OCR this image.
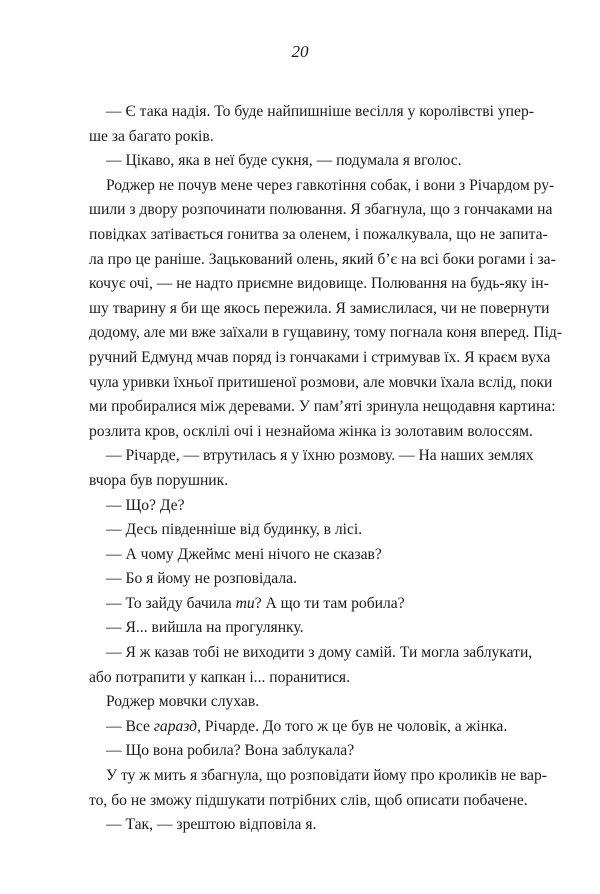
20
— Є така надія. То буде найпишніше весілля у королівстві упер-
ше за багато років.
— Цікаво, яка в неї буде сукня, — подумала я вголос.
Роджер не почув мене через гавкотіння собак, і вони з Річардом ру-
шили з двору розпочинати полювання. Я збагнула, що з гончаками на
повідках затівається гонитва за оленем, і пожалкувала, що не запита-
ла про це раніше. Зацькований олень, який б’є на всі боки рогами і за-
кочує очі, — не надто приємне видовище. Полювання на будь-яку ін-
шу тварину я би ще якось пережила. Я замислилася, чи не повернути
додому, але ми вже заїхали в гущавину, тому погнала коня вперед. Під-
ручний Едмунд мчав поряд із гончаками і стримував їх. Я краєм вуха
чула уривки їхньої притишеної розмови, але мовчки їхала вслід, поки
ми пробиралися між деревами. У пам’яті зринула нещодавня картина:
розлита кров, осклілі очі і незнайома жінка із золотавим волоссям.
— Річарде, — втрутилась я у їхню розмову. — На наших землях
вчора був порушник.
— Що? Де?
— Десь південніше від будинку, в лісі.
— А чому Джеймс мені нічого не сказав?
— Бо я йому не розповідала.
— То зайду бачила ти? А що ти там робила?
— Я... вийшла на прогулянку.
— Я ж казав тобі не виходити з дому самій. Ти могла заблукати,
або потрапити у капкан і... поранитися.
Роджер мовчки слухав.
— Все гаразд, Річарде. До того ж це був не чоловік, а жінка.
— Що вона робила? Вона заблукала?
У ту ж мить я збагнула, що розповідати йому про кроликів не вар-
то, бо не зможу підшукати потрібних слів, щоб описати побачене.
— Так, — зрештою відповіла я.
